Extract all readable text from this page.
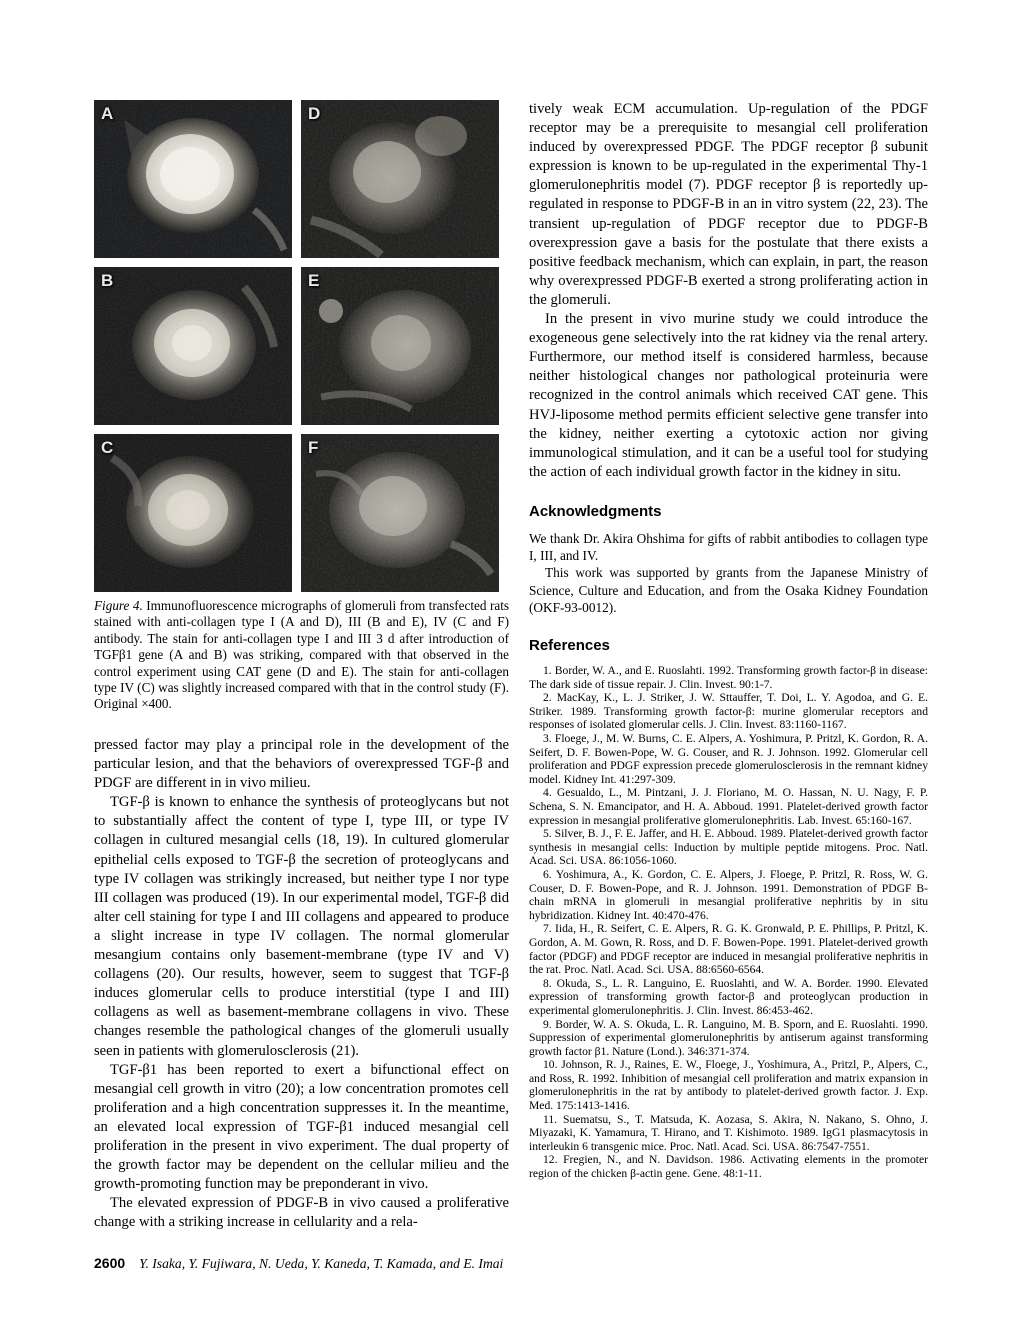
A	D
B	E
C	F
Figure 4. Immunofluorescence micrographs of glomeruli from transfected rats stained with anti-collagen type I (A and D), III (B and E), IV (C and F) antibody. The stain for anti-collagen type I and III 3 d after introduction of TGFβ1 gene (A and B) was striking, compared with that observed in the control experiment using CAT gene (D and E). The stain for anti-collagen type IV (C) was slightly increased compared with that in the control study (F). Original ×400.

pressed factor may play a principal role in the development of the particular lesion, and that the behaviors of overexpressed TGF-β and PDGF are different in in vivo milieu.

TGF-β is known to enhance the synthesis of proteoglycans but not to substantially affect the content of type I, type III, or type IV collagen in cultured mesangial cells (18, 19). In cultured glomerular epithelial cells exposed to TGF-β the secretion of proteoglycans and type IV collagen was strikingly increased, but neither type I nor type III collagen was produced (19). In our experimental model, TGF-β did alter cell staining for type I and III collagens and appeared to produce a slight increase in type IV collagen. The normal glomerular mesangium contains only basement-membrane (type IV and V) collagens (20). Our results, however, seem to suggest that TGF-β induces glomerular cells to produce interstitial (type I and III) collagens as well as basement-membrane collagens in vivo. These changes resemble the pathological changes of the glomeruli usually seen in patients with glomerulosclerosis (21).

TGF-β1 has been reported to exert a bifunctional effect on mesangial cell growth in vitro (20); a low concentration promotes cell proliferation and a high concentration suppresses it. In the meantime, an elevated local expression of TGF-β1 induced mesangial cell proliferation in the present in vivo experiment. The dual property of the growth factor may be dependent on the cellular milieu and the growth-promoting function may be preponderant in vivo.

The elevated expression of PDGF-B in vivo caused a proliferative change with a striking increase in cellularity and a rela-

tively weak ECM accumulation. Up-regulation of the PDGF receptor may be a prerequisite to mesangial cell proliferation induced by overexpressed PDGF. The PDGF receptor β subunit expression is known to be up-regulated in the experimental Thy-1 glomerulonephritis model (7). PDGF receptor β is reportedly up-regulated in response to PDGF-B in an in vitro system (22, 23). The transient up-regulation of PDGF receptor due to PDGF-B overexpression gave a basis for the postulate that there exists a positive feedback mechanism, which can explain, in part, the reason why overexpressed PDGF-B exerted a strong proliferating action in the glomeruli.

In the present in vivo murine study we could introduce the exogeneous gene selectively into the rat kidney via the renal artery. Furthermore, our method itself is considered harmless, because neither histological changes nor pathological proteinuria were recognized in the control animals which received CAT gene. This HVJ-liposome method permits efficient selective gene transfer into the kidney, neither exerting a cytotoxic action nor giving immunological stimulation, and it can be a useful tool for studying the action of each individual growth factor in the kidney in situ.

Acknowledgments

We thank Dr. Akira Ohshima for gifts of rabbit antibodies to collagen type I, III, and IV.

This work was supported by grants from the Japanese Ministry of Science, Culture and Education, and from the Osaka Kidney Foundation (OKF-93-0012).

References

1. Border, W. A., and E. Ruoslahti. 1992. Transforming growth factor-β in disease: The dark side of tissue repair. J. Clin. Invest. 90:1-7.

2. MacKay, K., L. J. Striker, J. W. Sttauffer, T. Doi, L. Y. Agodoa, and G. E. Striker. 1989. Transforming growth factor-β: murine glomerular receptors and responses of isolated glomerular cells. J. Clin. Invest. 83:1160-1167.

3. Floege, J., M. W. Burns, C. E. Alpers, A. Yoshimura, P. Pritzl, K. Gordon, R. A. Seifert, D. F. Bowen-Pope, W. G. Couser, and R. J. Johnson. 1992. Glomerular cell proliferation and PDGF expression precede glomerulosclerosis in the remnant kidney model. Kidney Int. 41:297-309.

4. Gesualdo, L., M. Pintzani, J. J. Floriano, M. O. Hassan, N. U. Nagy, F. P. Schena, S. N. Emancipator, and H. A. Abboud. 1991. Platelet-derived growth factor expression in mesangial proliferative glomerulonephritis. Lab. Invest. 65:160-167.

5. Silver, B. J., F. E. Jaffer, and H. E. Abboud. 1989. Platelet-derived growth factor synthesis in mesangial cells: Induction by multiple peptide mitogens. Proc. Natl. Acad. Sci. USA. 86:1056-1060.

6. Yoshimura, A., K. Gordon, C. E. Alpers, J. Floege, P. Pritzl, R. Ross, W. G. Couser, D. F. Bowen-Pope, and R. J. Johnson. 1991. Demonstration of PDGF B-chain mRNA in glomeruli in mesangial proliferative nephritis by in situ hybridization. Kidney Int. 40:470-476.

7. Iida, H., R. Seifert, C. E. Alpers, R. G. K. Gronwald, P. E. Phillips, P. Pritzl, K. Gordon, A. M. Gown, R. Ross, and D. F. Bowen-Pope. 1991. Platelet-derived growth factor (PDGF) and PDGF receptor are induced in mesangial proliferative nephritis in the rat. Proc. Natl. Acad. Sci. USA. 88:6560-6564.

8. Okuda, S., L. R. Languino, E. Ruoslahti, and W. A. Border. 1990. Elevated expression of transforming growth factor-β and proteoglycan production in experimental glomerulonephritis. J. Clin. Invest. 86:453-462.

9. Border, W. A. S. Okuda, L. R. Languino, M. B. Sporn, and E. Ruoslahti. 1990. Suppression of experimental glomerulonephritis by antiserum against transforming growth factor β1. Nature (Lond.). 346:371-374.

10. Johnson, R. J., Raines, E. W., Floege, J., Yoshimura, A., Pritzl, P., Alpers, C., and Ross, R. 1992. Inhibition of mesangial cell proliferation and matrix expansion in glomerulonephritis in the rat by antibody to platelet-derived growth factor. J. Exp. Med. 175:1413-1416.

11. Suematsu, S., T. Matsuda, K. Aozasa, S. Akira, N. Nakano, S. Ohno, J. Miyazaki, K. Yamamura, T. Hirano, and T. Kishimoto. 1989. IgG1 plasmacytosis in interleukin 6 transgenic mice. Proc. Natl. Acad. Sci. USA. 86:7547-7551.

12. Fregien, N., and N. Davidson. 1986. Activating elements in the promoter region of the chicken β-actin gene. Gene. 48:1-11.

2600 Y. Isaka, Y. Fujiwara, N. Ueda, Y. Kaneda, T. Kamada, and E. Imai
